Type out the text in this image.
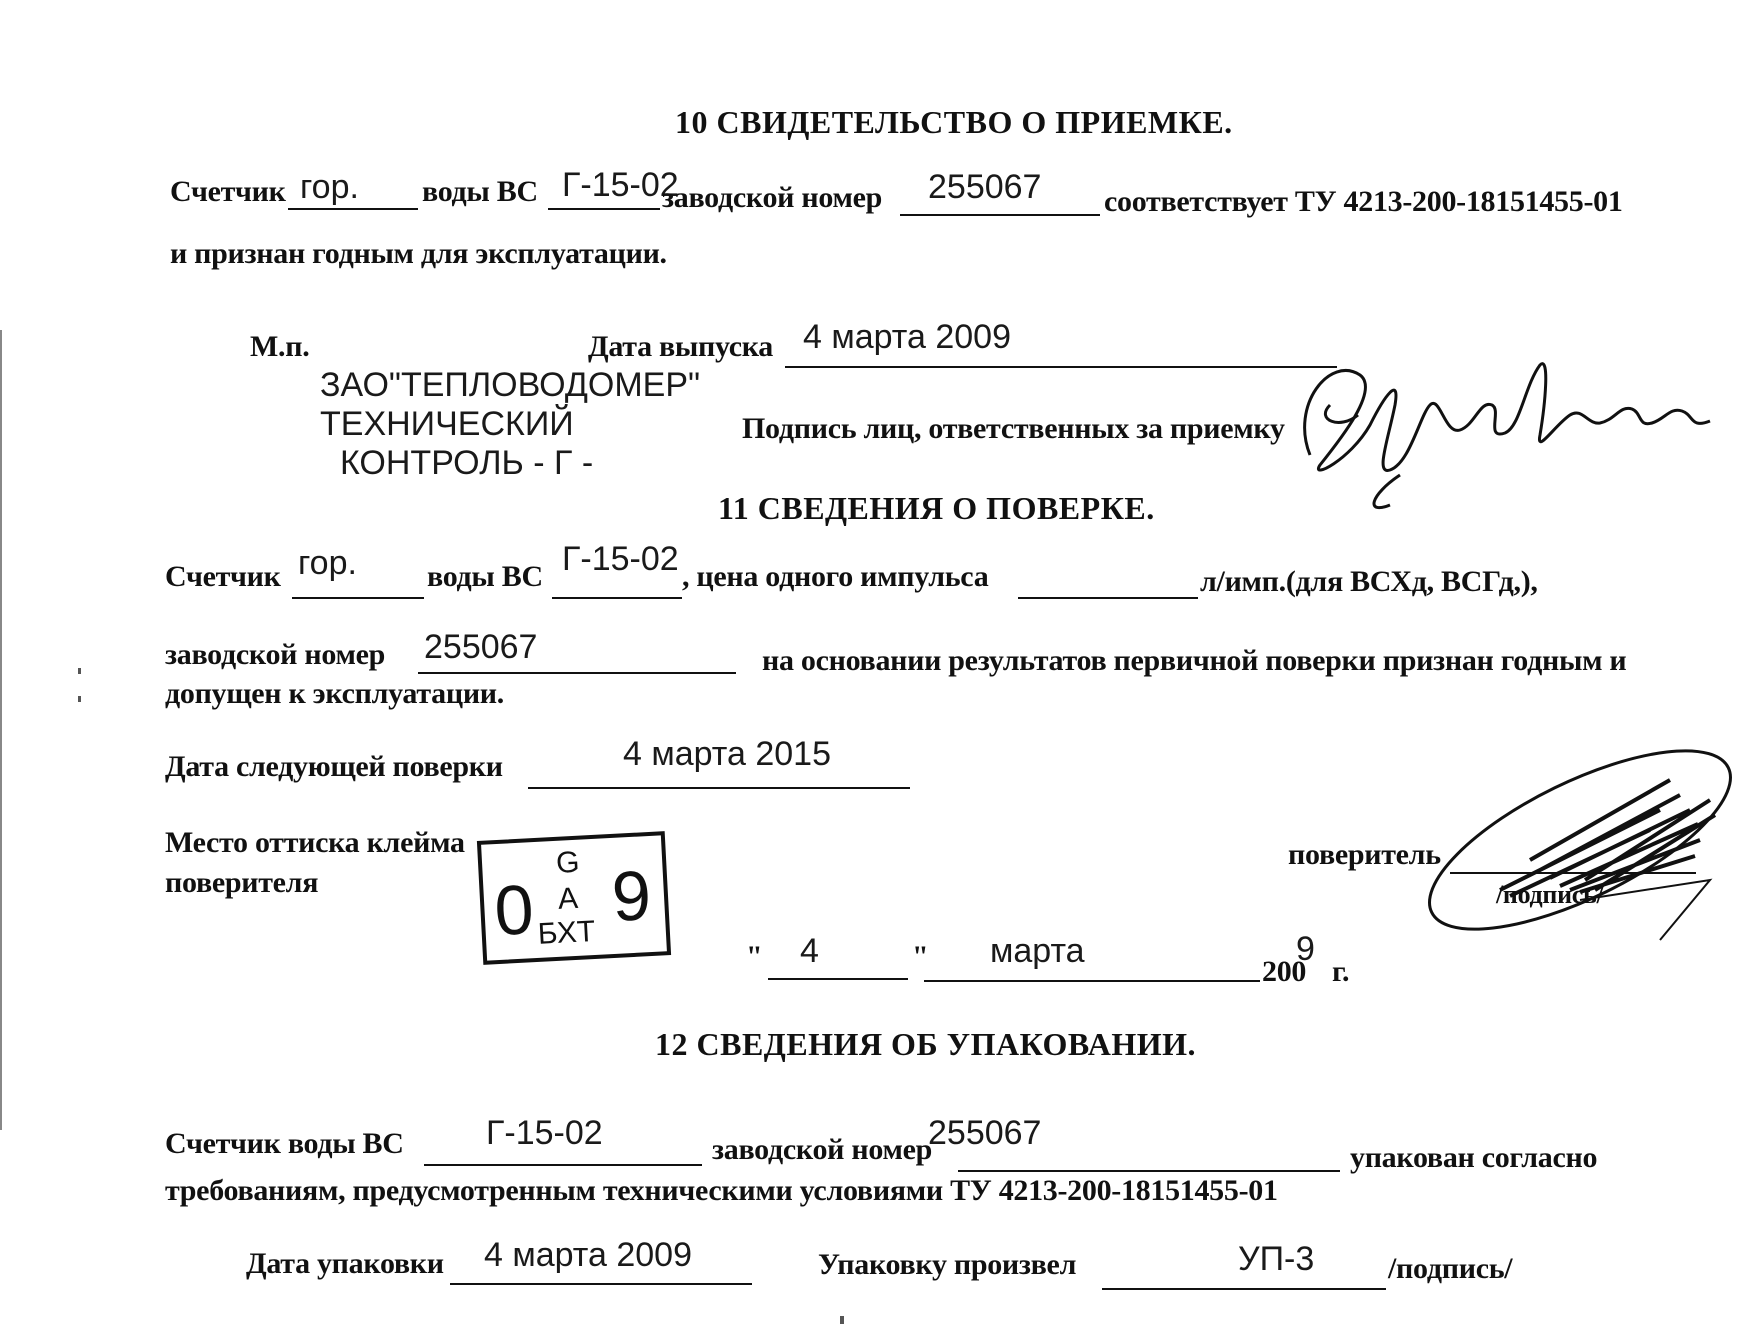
10 СВИДЕТЕЛЬСТВО О ПРИЕМКЕ.
Счетчик гор. воды ВС Г-15-02
заводской номер 255067 соответствует ТУ 4213-200-18151455-01
и признан годным для эксплуатации.
М.п.	Дата выпуска 4 марта 2009
ЗАО"ТЕПЛОВОДОМЕР"
ТЕХНИЧЕСКИЙ
КОНТРОЛЬ - Г -
Подпись лиц, ответственных за приемку
11 СВЕДЕНИЯ О ПОВЕРКЕ.
Счетчик гор. воды ВС Г-15-02 , цена одного импульса	л/имп.(для ВСХд, ВСГд,),
заводской номер 255067	на основании результатов первичной поверки признан годным и
допущен к эксплуатации.
Дата следующей поверки	4 марта 2015
Место оттиска клейма
поверителя
G
0 A 9
БХТ
поверитель
/подпись/
" 4	" марта
200
9
г.
12 СВЕДЕНИЯ ОБ УПАКОВАНИИ.
Счетчик воды ВС Г-15-02	заводской номер
255067
упакован согласно
требованиям, предусмотренным техническими условиями ТУ 4213-200-18151455-01
Дата упаковки 4 марта 2009	Упаковку произвел	УП-3 /подпись/
